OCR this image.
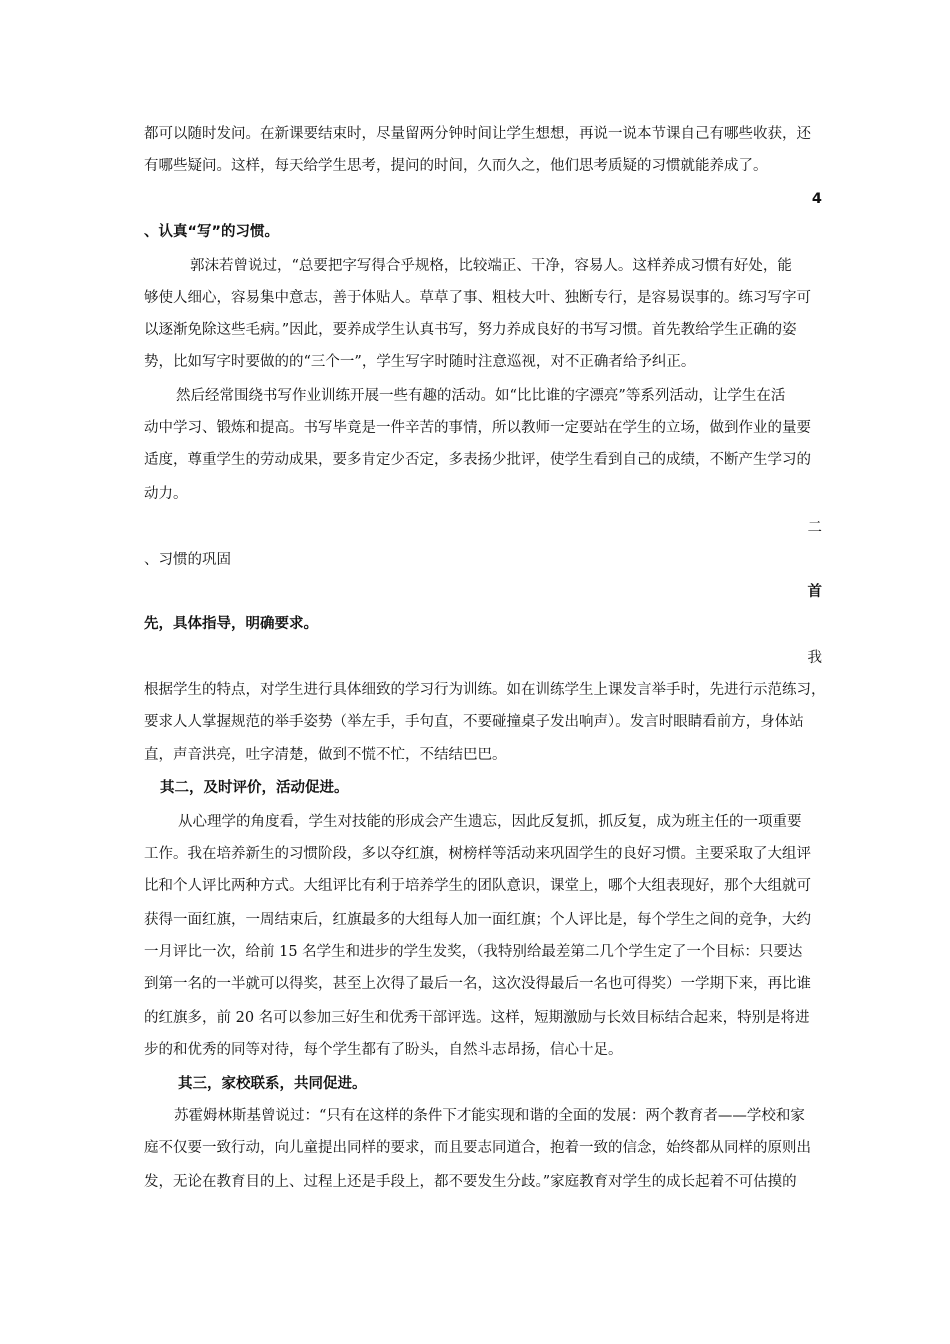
都可以随时发问。在新课要结束时，尽量留两分钟时间让学生想想，再说一说本节课自己有哪些收获，还
有哪些疑问。这样，每天给学生思考，提问的时间，久而久之，他们思考质疑的习惯就能养成了。
4
、认真“写”的习惯。
郭沫若曾说过，“总要把字写得合乎规格，比较端正、干净，容易人。这样养成习惯有好处，能
够使人细心，容易集中意志，善于体贴人。草草了事、粗枝大叶、独断专行，是容易误事的。练习写字可
以逐渐免除这些毛病。”因此，要养成学生认真书写，努力养成良好的书写习惯。首先教给学生正确的姿
势，比如写字时要做的的“三个一”，学生写字时随时注意巡视，对不正确者给予纠正。
然后经常围绕书写作业训练开展一些有趣的活动。如“比比谁的字漂亮”等系列活动，让学生在活
动中学习、锻炼和提高。书写毕竟是一件辛苦的事情，所以教师一定要站在学生的立场，做到作业的量要
适度，尊重学生的劳动成果，要多肯定少否定，多表扬少批评，使学生看到自己的成绩，不断产生学习的
动力。
二
、习惯的巩固
首
先，具体指导，明确要求。
我
根据学生的特点，对学生进行具体细致的学习行为训练。如在训练学生上课发言举手时，先进行示范练习，
要求人人掌握规范的举手姿势（举左手，手句直，不要碰撞桌子发出响声）。发言时眼睛看前方，身体站
直，声音洪亮，吐字清楚，做到不慌不忙，不结结巴巴。
其二，及时评价，活动促进。
从心理学的角度看，学生对技能的形成会产生遗忘，因此反复抓，抓反复，成为班主任的一项重要
工作。我在培养新生的习惯阶段，多以夺红旗，树榜样等活动来巩固学生的良好习惯。主要采取了大组评
比和个人评比两种方式。大组评比有利于培养学生的团队意识，课堂上，哪个大组表现好，那个大组就可
获得一面红旗，一周结束后，红旗最多的大组每人加一面红旗；个人评比是，每个学生之间的竞争，大约
一月评比一次，给前 15 名学生和进步的学生发奖，（我特别给最差第二几个学生定了一个目标：只要达
到第一名的一半就可以得奖，甚至上次得了最后一名，这次没得最后一名也可得奖）一学期下来，再比谁
的红旗多，前 20 名可以参加三好生和优秀干部评选。这样，短期激励与长效目标结合起来，特别是将进
步的和优秀的同等对待，每个学生都有了盼头，自然斗志昂扬，信心十足。
其三，家校联系，共同促进。
苏霍姆林斯基曾说过：“只有在这样的条件下才能实现和谐的全面的发展：两个教育者——学校和家
庭不仅要一致行动，向儿童提出同样的要求，而且要志同道合，抱着一致的信念，始终都从同样的原则出
发，无论在教育目的上、过程上还是手段上，都不要发生分歧。”家庭教育对学生的成长起着不可估摸的
